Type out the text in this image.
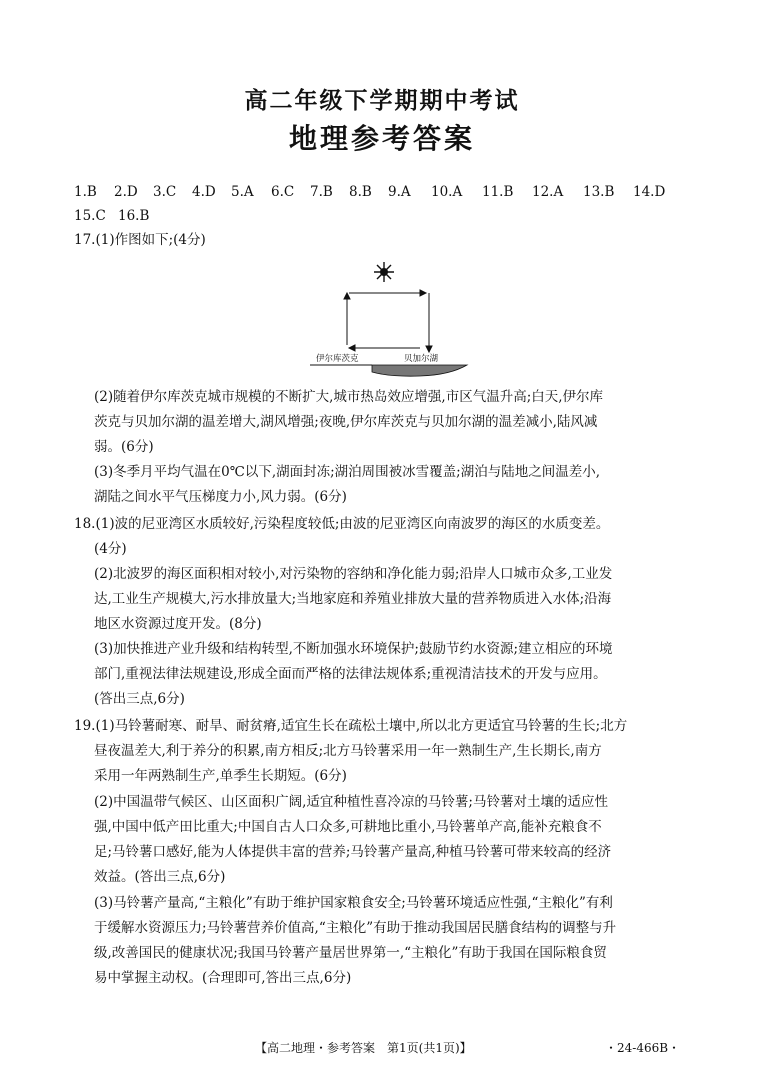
高二年级下学期期中考试
地理参考答案
1.B 2.D 3.C 4.D 5.A 6.C 7.B 8.B 9.A 10.A 11.B 12.A 13.B 14.D
15.C 16.B
17.(1)作图如下;(4分)
伊尔库茨克	贝加尔湖
(2)随着伊尔库茨克城市规模的不断扩大,城市热岛效应增强,市区气温升高;白天,伊尔库
茨克与贝加尔湖的温差增大,湖风增强;夜晚,伊尔库茨克与贝加尔湖的温差减小,陆风减
弱。(6分)
(3)冬季月平均气温在0℃以下,湖面封冻;湖泊周围被冰雪覆盖;湖泊与陆地之间温差小,
湖陆之间水平气压梯度力小,风力弱。(6分)
18.(1)波的尼亚湾区水质较好,污染程度较低;由波的尼亚湾区向南波罗的海区的水质变差。
(4分)
(2)北波罗的海区面积相对较小,对污染物的容纳和净化能力弱;沿岸人口城市众多,工业发
达,工业生产规模大,污水排放量大;当地家庭和养殖业排放大量的营养物质进入水体;沿海
地区水资源过度开发。(8分)
(3)加快推进产业升级和结构转型,不断加强水环境保护;鼓励节约水资源;建立相应的环境
部门,重视法律法规建设,形成全面而严格的法律法规体系;重视清洁技术的开发与应用。
(答出三点,6分)
19.(1)马铃薯耐寒、耐旱、耐贫瘠,适宜生长在疏松土壤中,所以北方更适宜马铃薯的生长;北方
昼夜温差大,利于养分的积累,南方相反;北方马铃薯采用一年一熟制生产,生长期长,南方
采用一年两熟制生产,单季生长期短。(6分)
(2)中国温带气候区、山区面积广阔,适宜种植性喜冷凉的马铃薯;马铃薯对土壤的适应性
强,中国中低产田比重大;中国自古人口众多,可耕地比重小,马铃薯单产高,能补充粮食不
足;马铃薯口感好,能为人体提供丰富的营养;马铃薯产量高,种植马铃薯可带来较高的经济
效益。(答出三点,6分)
(3)马铃薯产量高,“主粮化”有助于维护国家粮食安全;马铃薯环境适应性强,“主粮化”有利
于缓解水资源压力;马铃薯营养价值高,“主粮化”有助于推动我国居民膳食结构的调整与升
级,改善国民的健康状况;我国马铃薯产量居世界第一,“主粮化”有助于我国在国际粮食贸
易中掌握主动权。(合理即可,答出三点,6分)
【高二地理・参考答案　第1页(共1页)】	・24-466B・
